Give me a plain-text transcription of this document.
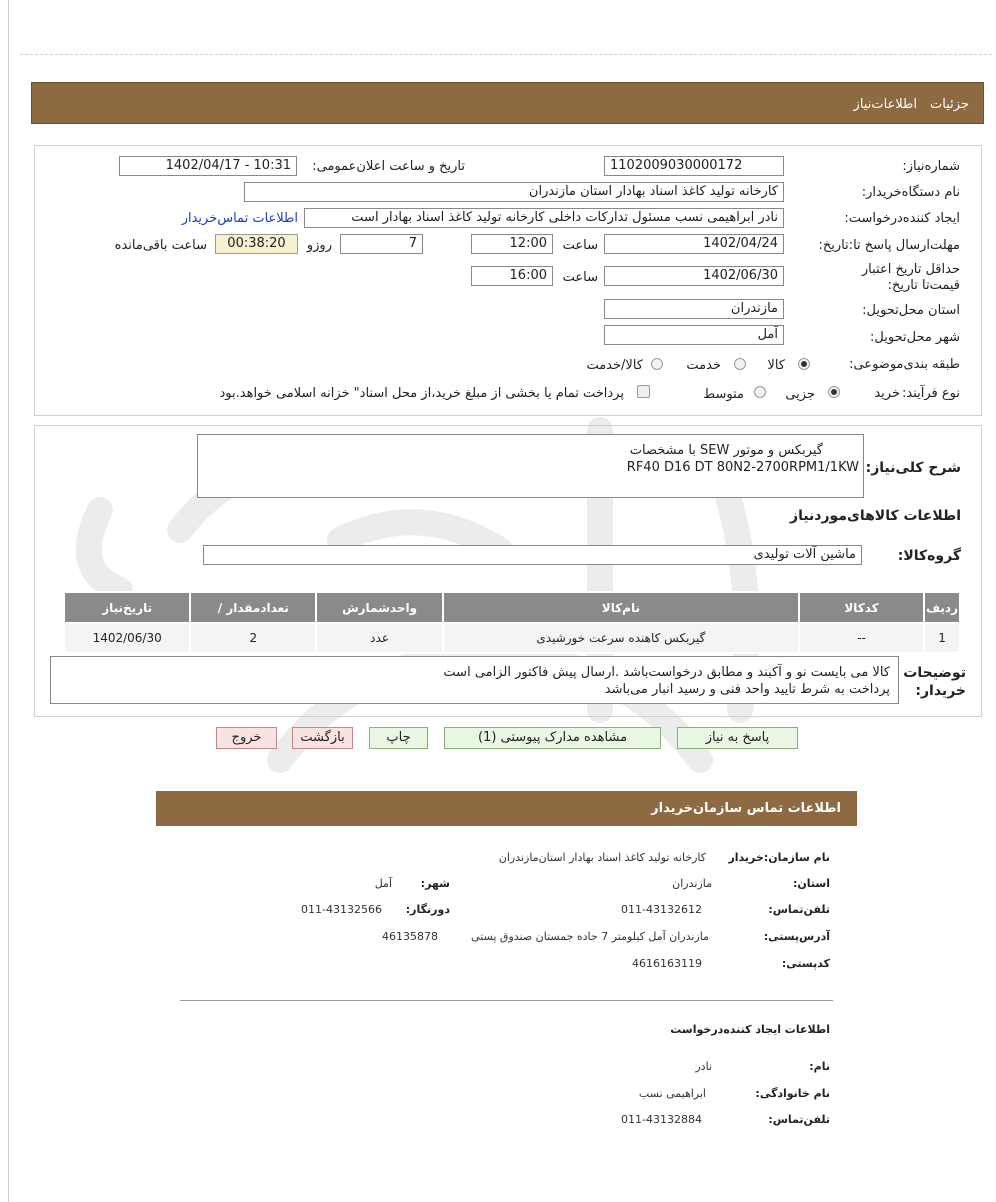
جزئیات
اطلاعات‌نیاز
شماره‌نیاز:
1102009030000172
تاریخ و ساعت اعلان‌عمومی:
1402/04/17 - 10:31
نام دستگاه‌خریدار:
کارخانه تولید کاغذ اسناد بهادار استان مازندران
ایجاد کننده‌درخواست:
نادر ابراهیمی نسب مسئول تدارکات داخلی کارخانه تولید کاغذ اسناد بهادار است
اطلاعات تماس‌خریدار
مهلت‌ارسال پاسخ تا:تاریخ:
1402/04/24
ساعت
12:00
7
روزو
00:38:20
ساعت باقی‌مانده
حداقل تاریخ اعتبار قیمت‌تا تاریخ:
1402/06/30
ساعت
16:00
استان محل‌تحویل:
مازندران
شهر محل‌تحویل:
آمل
طبقه بندی‌موضوعی:
کالا
خدمت
کالا/خدمت
نوع فرآیند:
خرید
جزیی
متوسط
پرداخت تمام یا بخشی از مبلغ خرید،از محل اسناد" خزانه اسلامی خواهد.بود
شرح کلی‌نیاز:
گیربکس و موتور SEW با مشخصات
RF40 D16 DT 80N2-2700RPM1/1KW
اطلاعات کالاهای‌موردنیاز
گروه‌کالا:
ماشین آلات تولیدی
ردیف	کدکالا	نام‌کالا	واحدشمارش	تعداد‌مقدار /	تاریخ‌نیاز
1	--	گیربکس کاهنده سرعت خورشیدی	عدد	2	1402/06/30
توضیحات خریدار:
کالا می بایست نو و آکبند و مطابق درخواست‌باشد .ارسال پیش فاکتور الزامی است
پرداخت به شرط تایید واحد فنی و رسید انبار می‌باشد
پاسخ به نیاز
مشاهده مدارک پیوستی (1)
چاپ
بازگشت
خروج
اطلاعات تماس سازمان‌خریدار
نام سازمان:خریدار
کارخانه تولید کاغذ اسناد بهادار استان‌مازندران
استان:
مازندران
شهر:
آمل
تلفن‌تماس:
011-43132612
دورنگار:
011-43132566
آدرس‌پستی:
مازندران آمل کیلومتر 7 جاده جمستان صندوق پستی
46135878
کدپستی:
4616163119
اطلاعات ایجاد کننده‌درخواست
نام:
نادر
نام خانوادگی:
ابراهیمی نسب
تلفن‌تماس:
011-43132884
